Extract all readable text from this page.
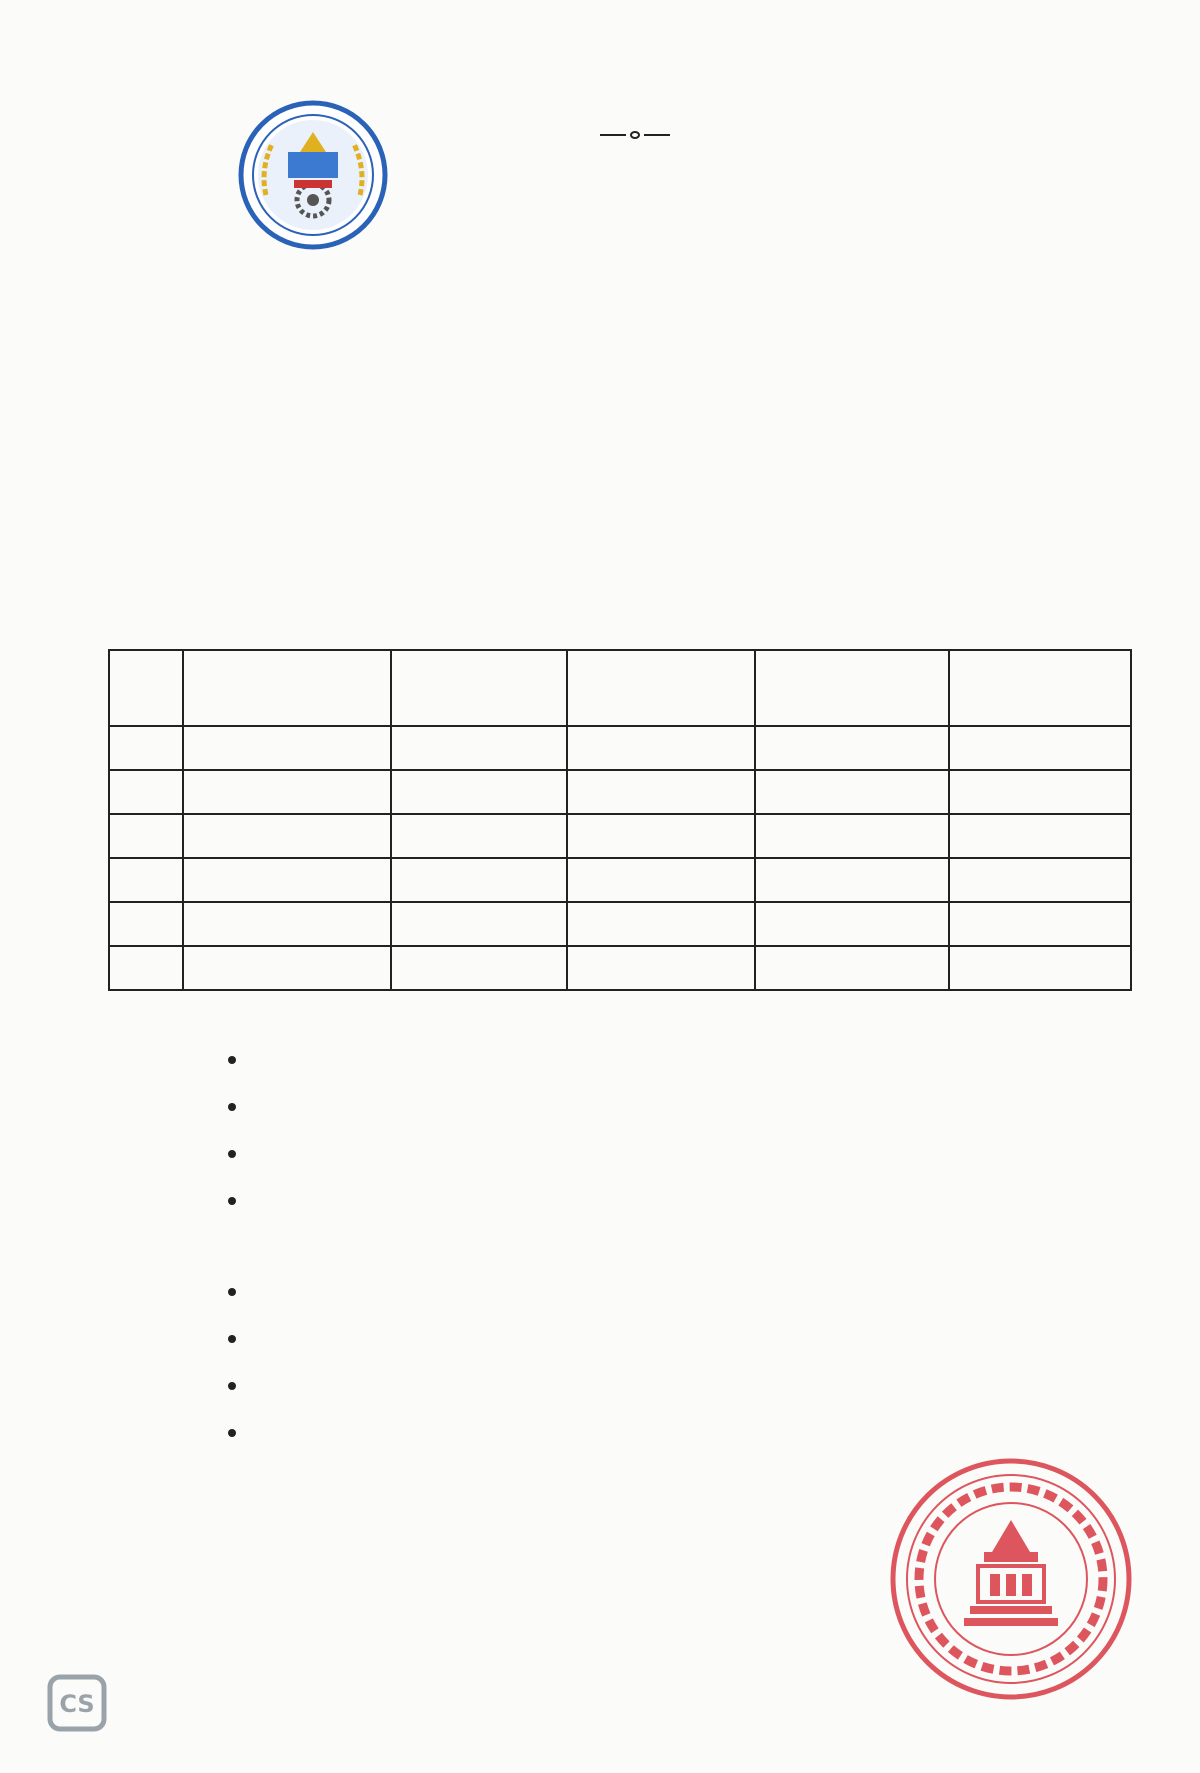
CS
